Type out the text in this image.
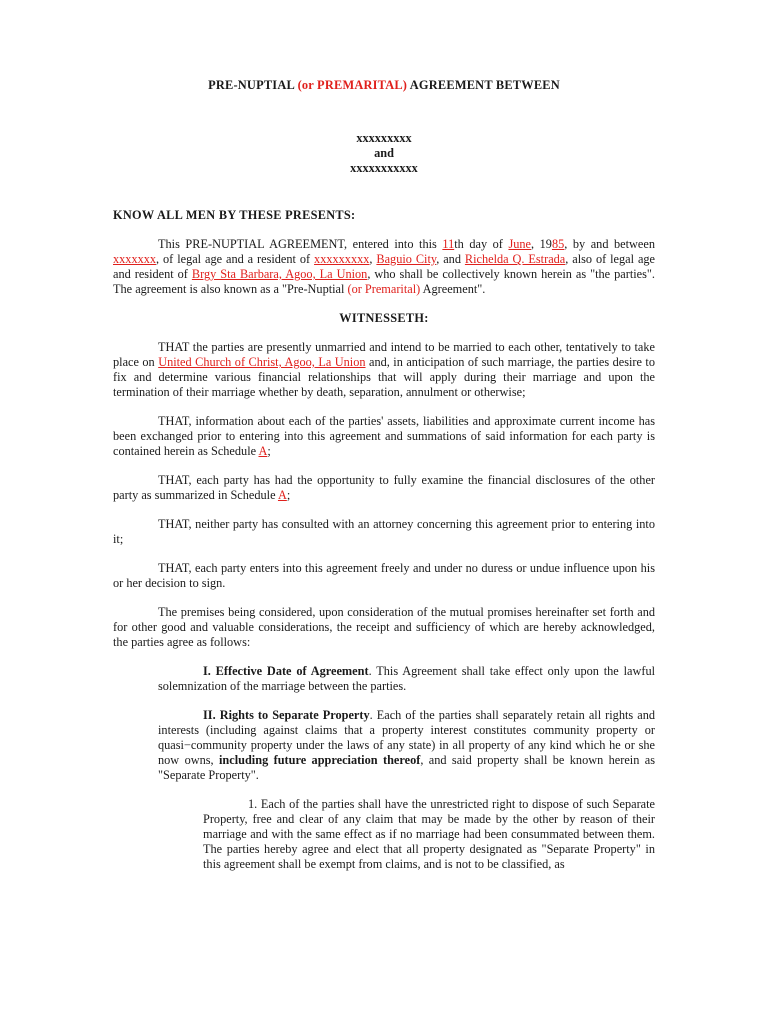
PRE-NUPTIAL (or PREMARITAL) AGREEMENT BETWEEN
xxxxxxxxx
and
xxxxxxxxxxx
KNOW ALL MEN BY THESE PRESENTS:

This PRE-NUPTIAL AGREEMENT, entered into this 11th day of June, 1985, by and between xxxxxxx, of legal age and a resident of xxxxxxxxx, Baguio City, and Richelda Q. Estrada, also of legal age and resident of Brgy Sta Barbara, Agoo, La Union, who shall be collectively known herein as "the parties". The agreement is also known as a "Pre-Nuptial (or Premarital) Agreement".

WITNESSETH:

THAT the parties are presently unmarried and intend to be married to each other, tentatively to take place on United Church of Christ, Agoo, La Union and, in anticipation of such marriage, the parties desire to fix and determine various financial relationships that will apply during their marriage and upon the termination of their marriage whether by death, separation, annulment or otherwise;

THAT, information about each of the parties' assets, liabilities and approximate current income has been exchanged prior to entering into this agreement and summations of said information for each party is contained herein as Schedule A;

THAT, each party has had the opportunity to fully examine the financial disclosures of the other party as summarized in Schedule A;

THAT, neither party has consulted with an attorney concerning this agreement prior to entering into it;

THAT, each party enters into this agreement freely and under no duress or undue influence upon his or her decision to sign.

The premises being considered, upon consideration of the mutual promises hereinafter set forth and for other good and valuable considerations, the receipt and sufficiency of which are hereby acknowledged, the parties agree as follows:

I. Effective Date of Agreement. This Agreement shall take effect only upon the lawful solemnization of the marriage between the parties.

II. Rights to Separate Property. Each of the parties shall separately retain all rights and interests (including against claims that a property interest constitutes community property or quasi−community property under the laws of any state) in all property of any kind which he or she now owns, including future appreciation thereof, and said property shall be known herein as "Separate Property".

1. Each of the parties shall have the unrestricted right to dispose of such Separate Property, free and clear of any claim that may be made by the other by reason of their marriage and with the same effect as if no marriage had been consummated between them. The parties hereby agree and elect that all property designated as "Separate Property" in this agreement shall be exempt from claims, and is not to be classified, as
